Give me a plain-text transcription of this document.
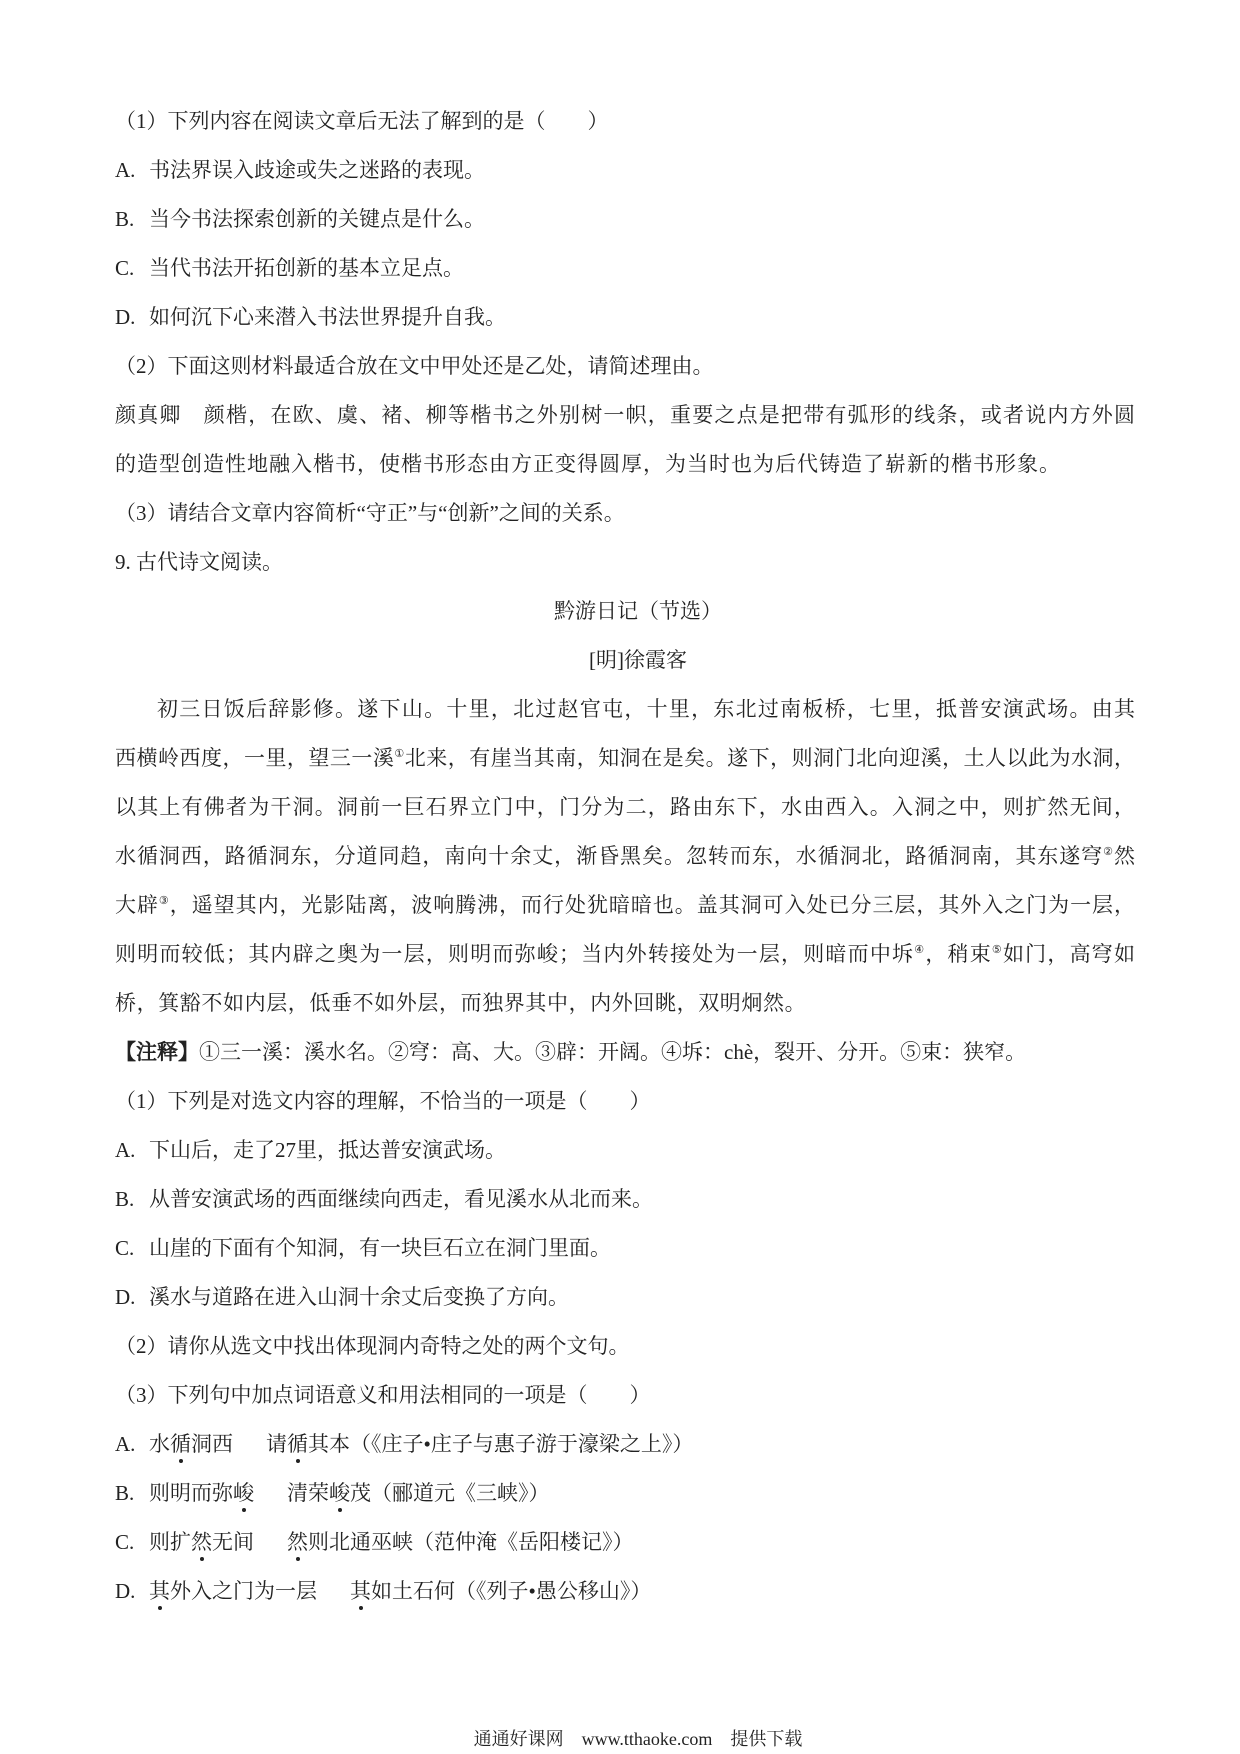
（1）下列内容在阅读文章后无法了解到的是（　　）
A. 书法界误入歧途或失之迷路的表现。
B. 当今书法探索创新的关键点是什么。
C. 当代书法开拓创新的基本立足点。
D. 如何沉下心来潜入书法世界提升自我。
（2）下面这则材料最适合放在文中甲处还是乙处，请简述理由。
颜真卿　颜楷，在欧、虞、褚、柳等楷书之外别树一帜，重要之点是把带有弧形的线条，或者说内方外圆
的造型创造性地融入楷书，使楷书形态由方正变得圆厚，为当时也为后代铸造了崭新的楷书形象。
（3）请结合文章内容简析“守正”与“创新”之间的关系。
9. 古代诗文阅读。
黔游日记（节选）
[明]徐霞客
初三日饭后辞影修。遂下山。十里，北过赵官屯，十里，东北过南板桥，七里，抵普安演武场。由其
西横岭西度，一里，望三一溪①北来，有崖当其南，知洞在是矣。遂下，则洞门北向迎溪，土人以此为水洞，
以其上有佛者为干洞。洞前一巨石界立门中，门分为二，路由东下，水由西入。入洞之中，则扩然无间，
水循洞西，路循洞东，分道同趋，南向十余丈，渐昏黑矣。忽转而东，水循洞北，路循洞南，其东遂穹②然
大辟③，遥望其内，光影陆离，波响腾沸，而行处犹暗暗也。盖其洞可入处已分三层，其外入之门为一层，
则明而较低；其内辟之奥为一层，则明而弥峻；当内外转接处为一层，则暗而中坼④，稍束⑤如门，高穹如
桥，箕豁不如内层，低垂不如外层，而独界其中，内外回眺，双明炯然。
【注释】①三一溪：溪水名。②穹：高、大。③辟：开阔。④坼：chè，裂开、分开。⑤束：狭窄。
（1）下列是对选文内容的理解，不恰当的一项是（　　）
A. 下山后，走了27里，抵达普安演武场。
B. 从普安演武场的西面继续向西走，看见溪水从北而来。
C. 山崖的下面有个知洞，有一块巨石立在洞门里面。
D. 溪水与道路在进入山洞十余丈后变换了方向。
（2）请你从选文中找出体现洞内奇特之处的两个文句。
（3）下列句中加点词语意义和用法相同的一项是（　　）
A. 水循洞西 请循其本（《庄子•庄子与惠子游于濠梁之上》）
B. 则明而弥峻 清荣峻茂（郦道元《三峡》）
C. 则扩然无间 然则北通巫峡（范仲淹《岳阳楼记》）
D. 其外入之门为一层 其如土石何（《列子•愚公移山》）
通通好课网　www.tthaoke.com　提供下载
